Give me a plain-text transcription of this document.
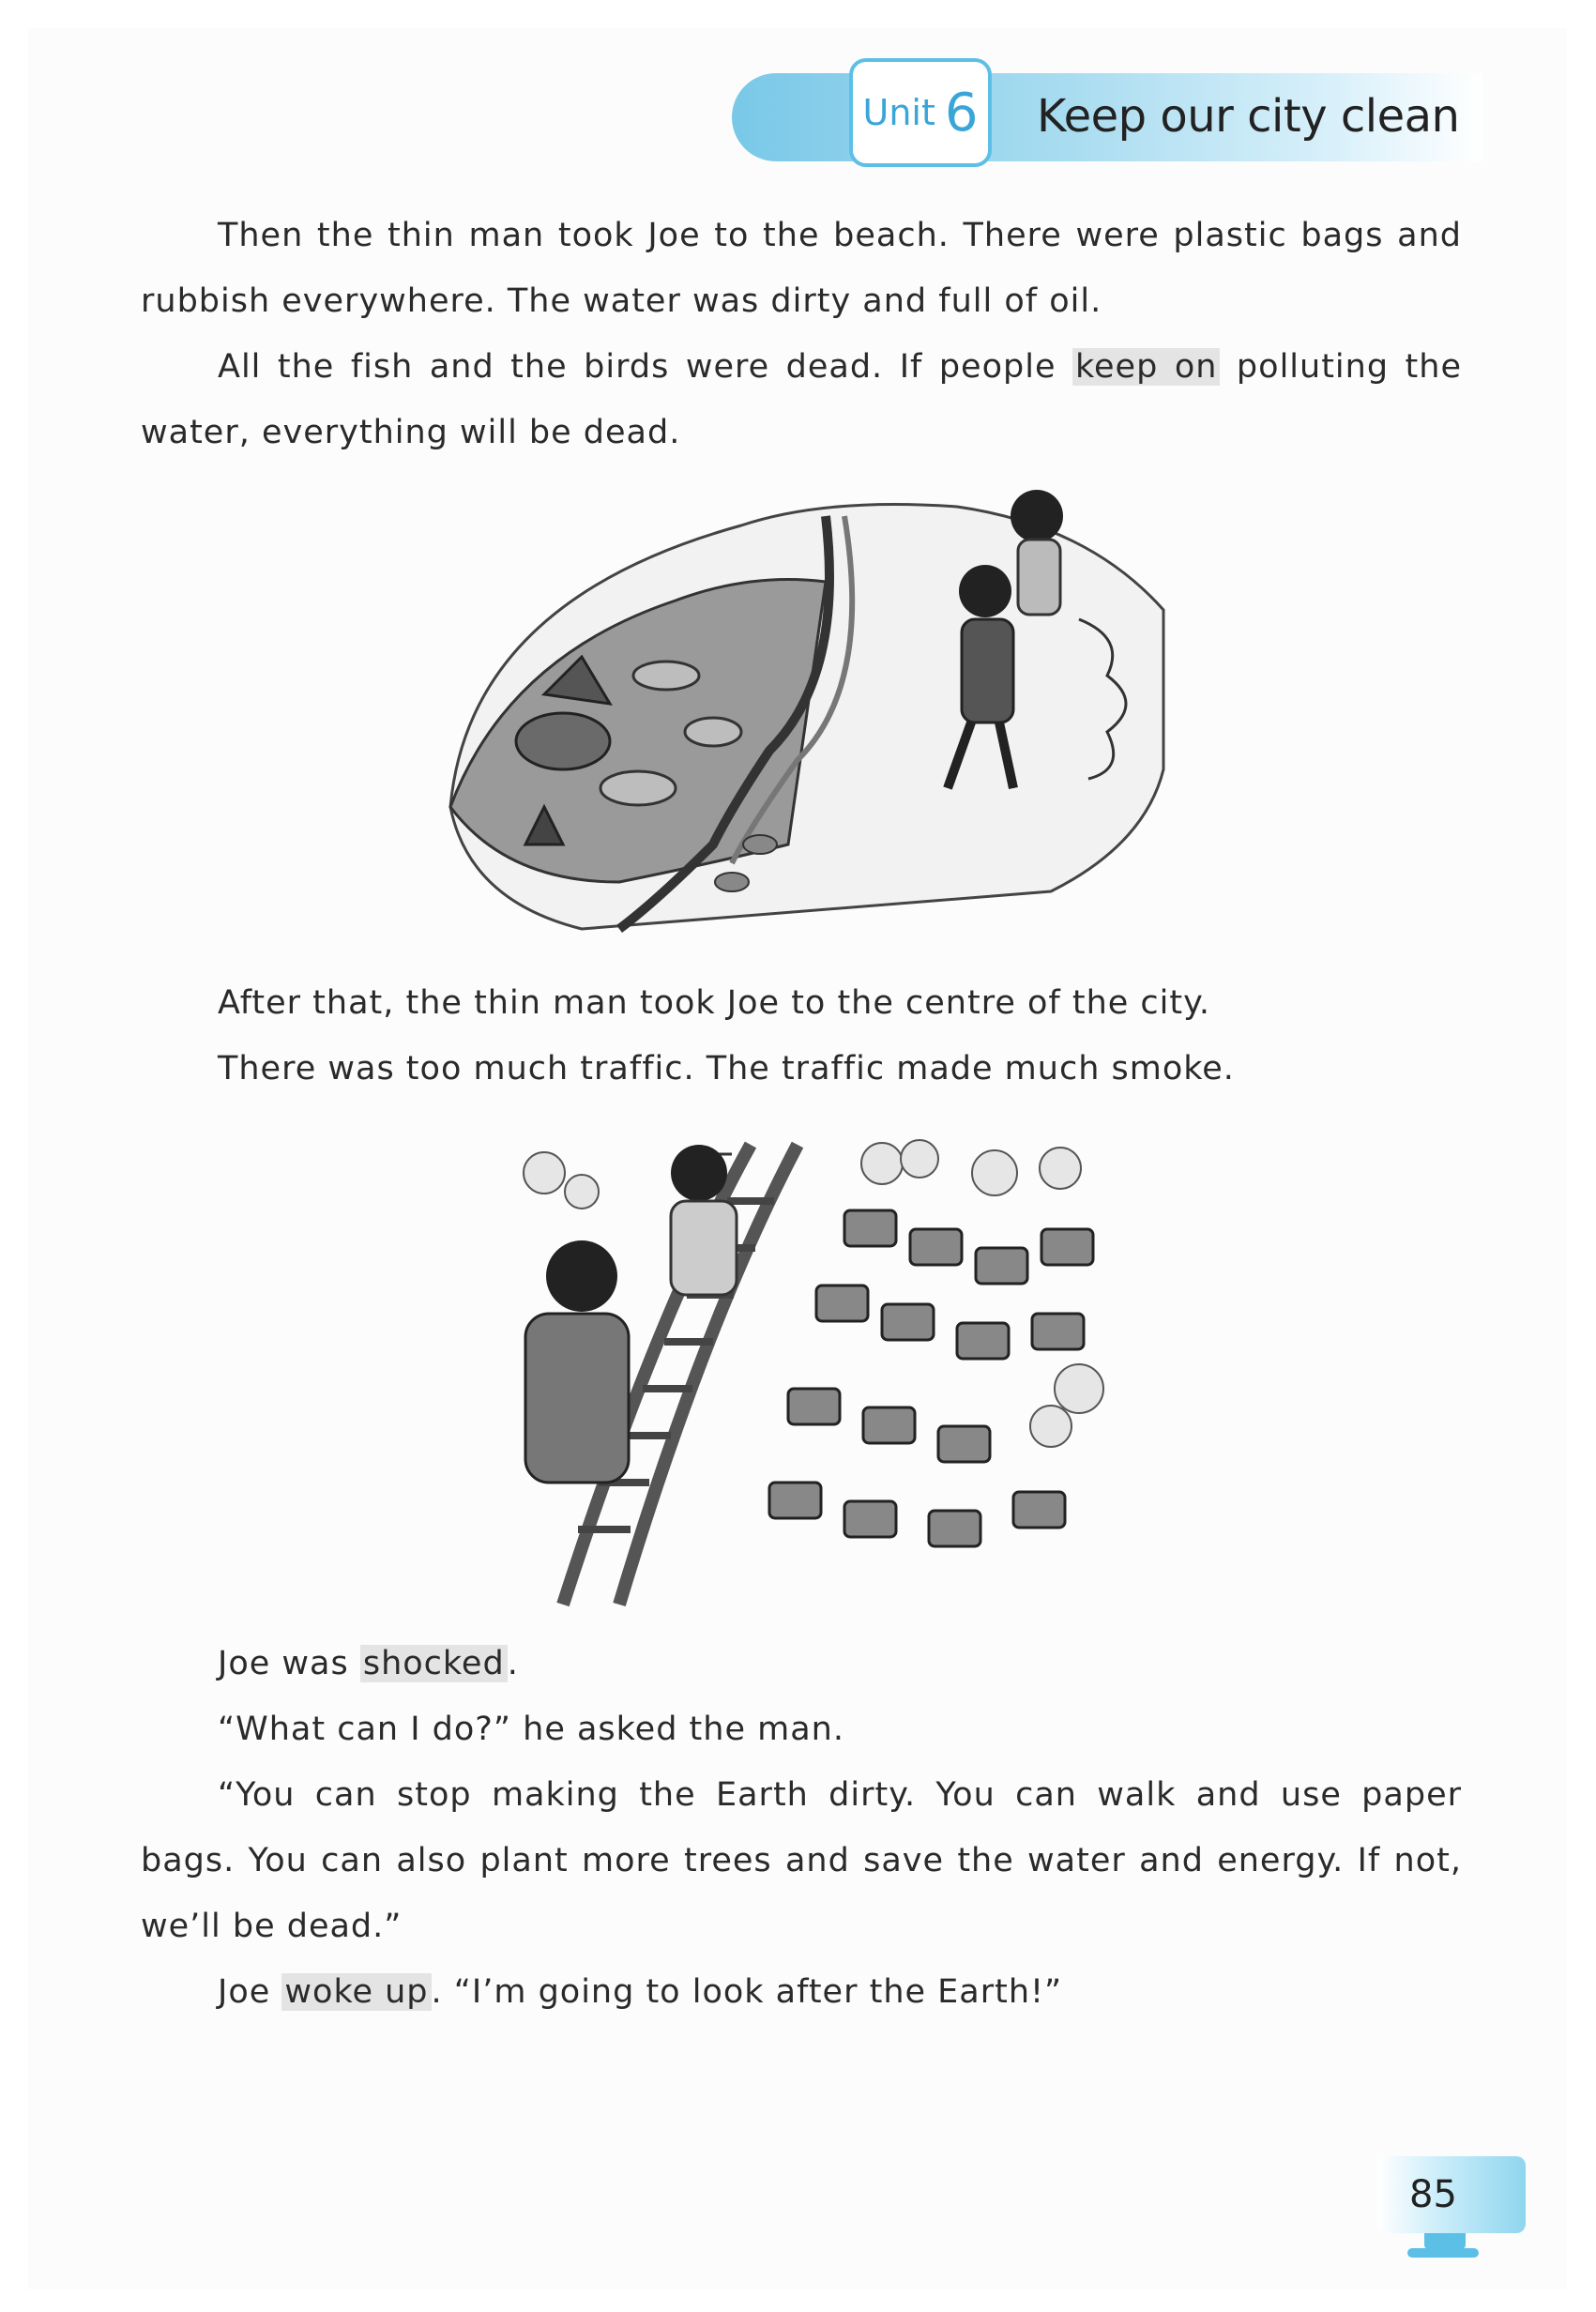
Unit 6 Keep our city clean

Then the thin man took Joe to the beach. There were plastic bags and rubbish everywhere. The water was dirty and full of oil.

All the fish and the birds were dead. If people keep on polluting the water, everything will be dead.

After that, the thin man took Joe to the centre of the city.

There was too much traffic. The traffic made much smoke.

Joe was shocked.

“What can I do?” he asked the man.

“You can stop making the Earth dirty. You can walk and use paper bags. You can also plant more trees and save the water and energy. If not, we’ll be dead.”

Joe woke up. “I’m going to look after the Earth!”

85
